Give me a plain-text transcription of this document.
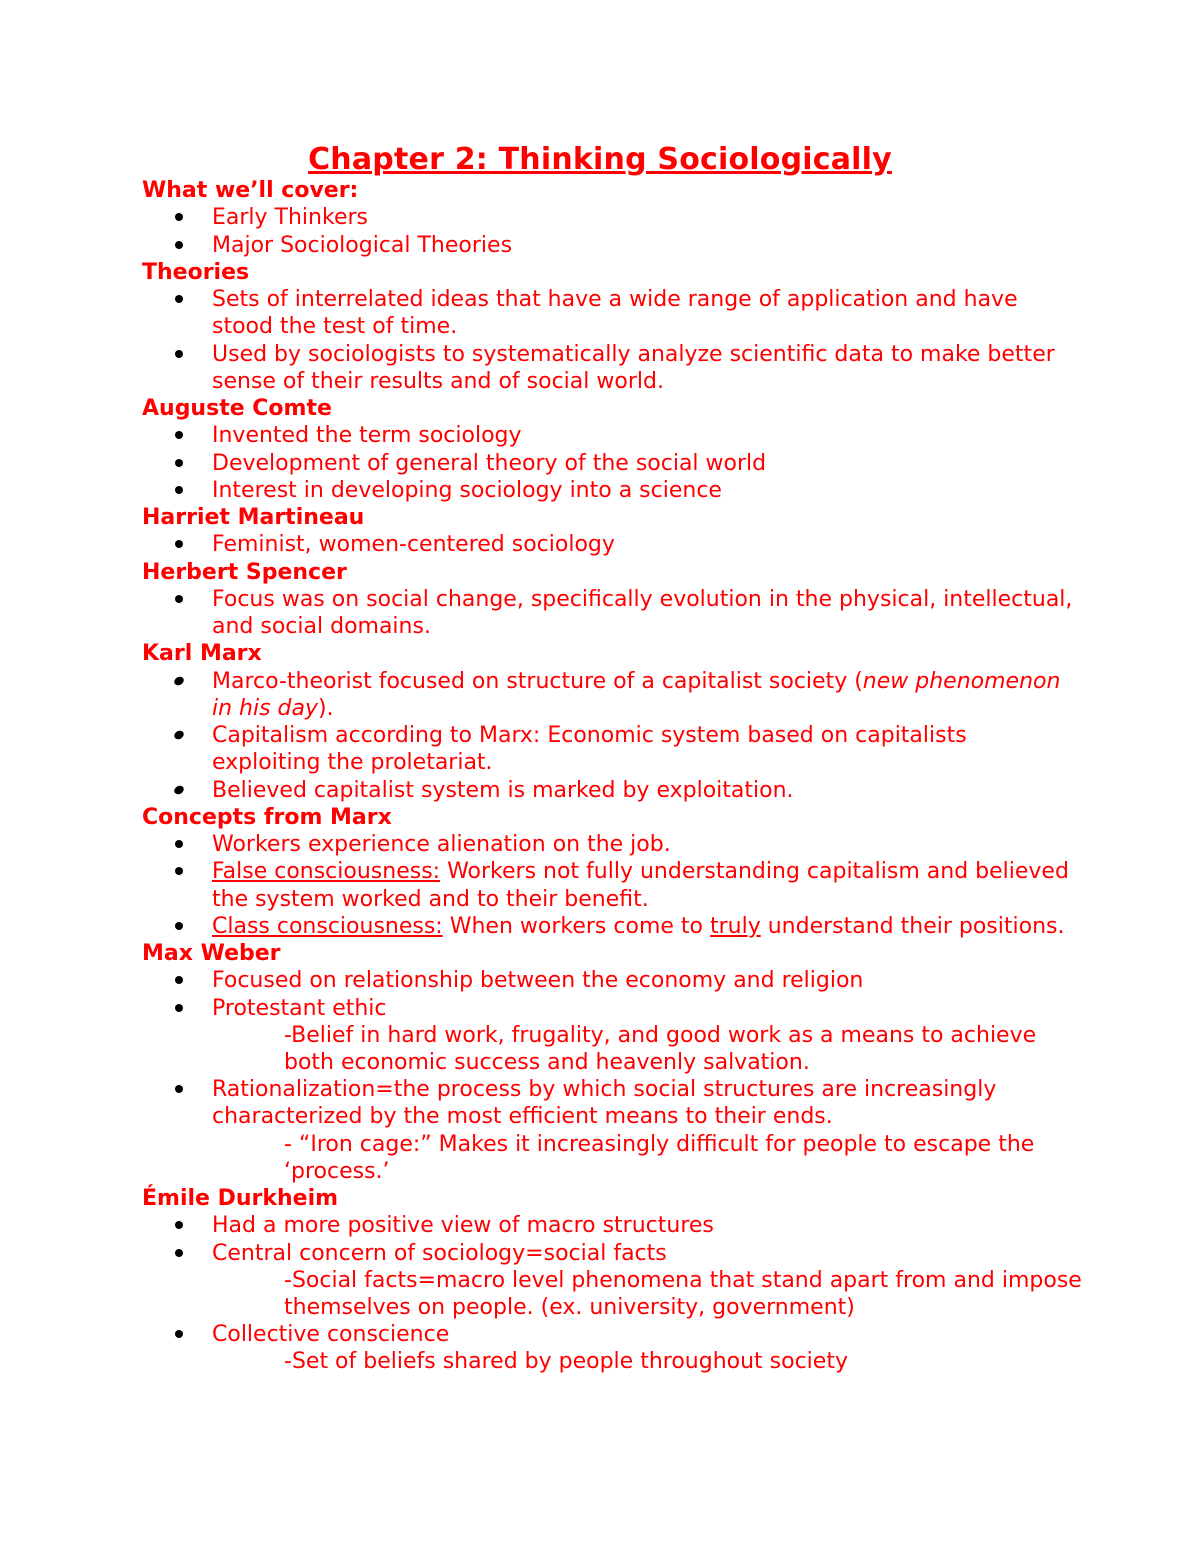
Chapter 2: Thinking Sociologically
What we’ll cover:
Early Thinkers
Major Sociological Theories
Theories
Sets of interrelated ideas that have a wide range of application and have stood the test of time.
Used by sociologists to systematically analyze scientific data to make better sense of their results and of social world.
Auguste Comte
Invented the term sociology
Development of general theory of the social world
Interest in developing sociology into a science
Harriet Martineau
Feminist, women-centered sociology
Herbert Spencer
Focus was on social change, specifically evolution in the physical, intellectual, and social domains.
Karl Marx
Marco-theorist focused on structure of a capitalist society (new phenomenon in his day).
Capitalism according to Marx: Economic system based on capitalists exploiting the proletariat.
Believed capitalist system is marked by exploitation.
Concepts from Marx
Workers experience alienation on the job.
False consciousness: Workers not fully understanding capitalism and believed the system worked and to their benefit.
Class consciousness: When workers come to truly understand their positions.
Max Weber
Focused on relationship between the economy and religion
Protestant ethic
-Belief in hard work, frugality, and good work as a means to achieve both economic success and heavenly salvation.
Rationalization=the process by which social structures are increasingly characterized by the most efficient means to their ends.
- “Iron cage:” Makes it increasingly difficult for people to escape the ‘process.’
Émile Durkheim
Had a more positive view of macro structures
Central concern of sociology=social facts
-Social facts=macro level phenomena that stand apart from and impose themselves on people. (ex. university, government)
Collective conscience
-Set of beliefs shared by people throughout society
